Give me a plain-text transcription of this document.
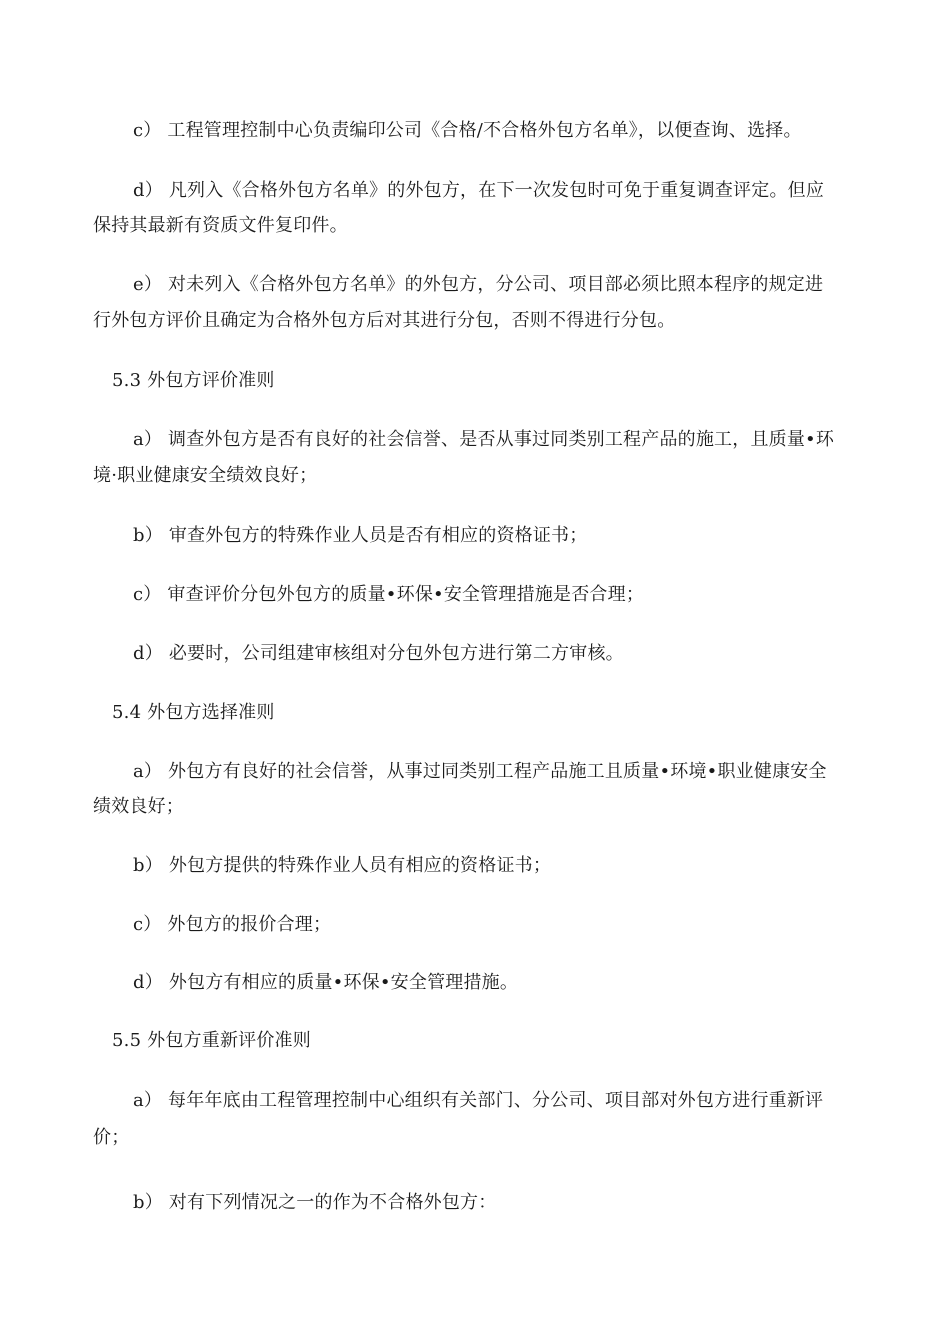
c） 工程管理控制中心负责编印公司《合格/不合格外包方名单》，以便查询、选择。
d） 凡列入《合格外包方名单》的外包方，在下一次发包时可免于重复调查评定。但应
保持其最新有资质文件复印件。
e） 对未列入《合格外包方名单》的外包方，分公司、项目部必须比照本程序的规定进
行外包方评价且确定为合格外包方后对其进行分包，否则不得进行分包。
5.3 外包方评价准则
a） 调查外包方是否有良好的社会信誉、是否从事过同类别工程产品的施工，且质量•环
境·职业健康安全绩效良好；
b） 审查外包方的特殊作业人员是否有相应的资格证书；
c） 审查评价分包外包方的质量•环保•安全管理措施是否合理；
d） 必要时，公司组建审核组对分包外包方进行第二方审核。
5.4 外包方选择准则
a） 外包方有良好的社会信誉，从事过同类别工程产品施工且质量•环境•职业健康安全
绩效良好；
b） 外包方提供的特殊作业人员有相应的资格证书；
c） 外包方的报价合理；
d） 外包方有相应的质量•环保•安全管理措施。
5.5 外包方重新评价准则
a） 每年年底由工程管理控制中心组织有关部门、分公司、项目部对外包方进行重新评
价；
b） 对有下列情况之一的作为不合格外包方：
